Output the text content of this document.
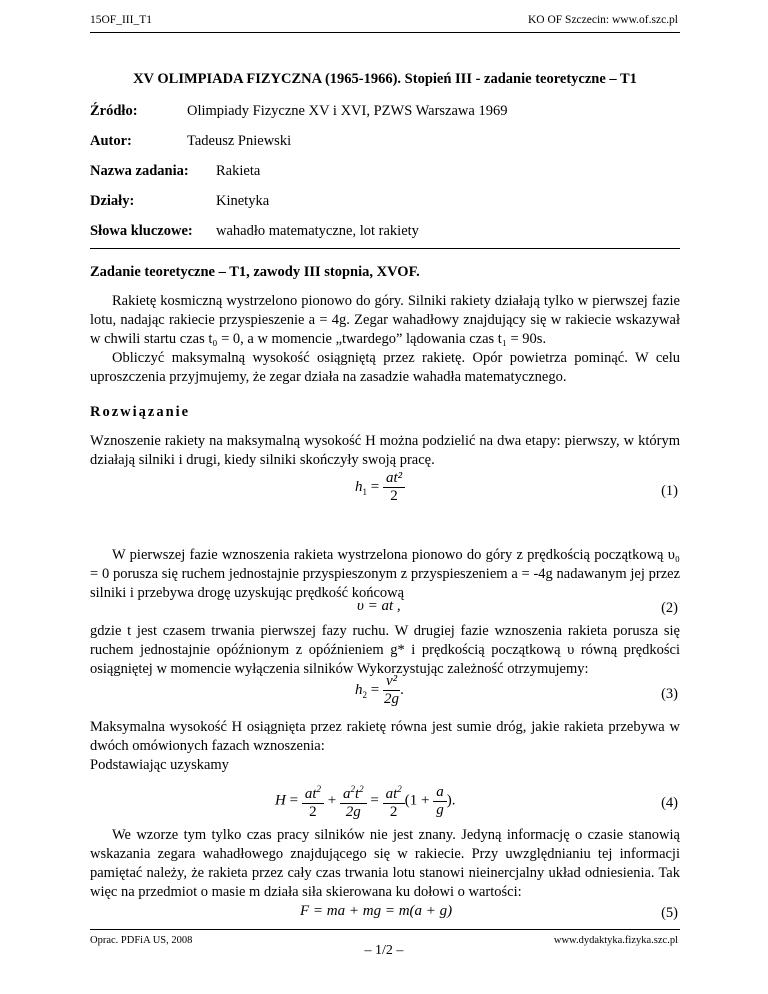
15OF_III_T1	KO OF Szczecin: www.of.szc.pl
XV OLIMPIADA FIZYCZNA (1965-1966). Stopień III - zadanie teoretyczne – T1
Źródło:	Olimpiady Fizyczne XV i XVI, PZWS Warszawa 1969
Autor:	Tadeusz Pniewski
Nazwa zadania: Rakieta
Działy:	Kinetyka
Słowa kluczowe: wahadło matematyczne, lot rakiety
Zadanie teoretyczne – T1, zawody III stopnia, XVOF.

Rakietę kosmiczną wystrzelono pionowo do góry. Silniki rakiety działają tylko w pierwszej fazie lotu, nadając rakiecie przyspieszenie a = 4g. Zegar wahadłowy znajdujący się w rakiecie wskazywał w chwili startu czas t₀ = 0, a w momencie „twardego” lądowania czas t₁ = 90s.

Obliczyć maksymalną wysokość osiągniętą przez rakietę. Opór powietrza pominąć. W celu uproszczenia przyjmujemy, że zegar działa na zasadzie wahadła matematycznego.

Rozwiązanie

Wznoszenie rakiety na maksymalną wysokość H można podzielić na dwa etapy: pierwszy, w którym działają silniki i drugi, kiedy silniki skończyły swoją pracę.

$h_1 = \frac{\text{at²}}{2}$	(1)

W pierwszej fazie wznoszenia rakieta wystrzelona pionowo do góry z prędkością początkową υ₀ = 0 porusza się ruchem jednostajnie przyspieszonym z przyspieszeniem a = -4g nadawanym jej przez silniki i przebywa drogę uzyskując prędkość końcową

υ = at ,	(2)

gdzie t jest czasem trwania pierwszej fazy ruchu. W drugiej fazie wznoszenia rakieta porusza się ruchem jednostajnie opóźnionym z opóźnieniem g* i prędkością początkową υ równą prędkości osiągniętej w momencie wyłączenia silników Wykorzystując zależność otrzymujemy:

$h_2 = \frac{\text{v²}}{2g}$ .	(3)

Maksymalna wysokość H osiągnięta przez rakietę równa jest sumie dróg, jakie rakieta przebywa w dwóch omówionych fazach wznoszenia:

Podstawiając uzyskamy

$H = \frac{at^2}{2} + \frac{a^2t^2}{2g} = \frac{at^2}{2} (1 + \frac{a}{g}$ ).	(4)

We wzorze tym tylko czas pracy silników nie jest znany. Jedyną informację o czasie stanowią wskazania zegara wahadłowego znajdującego się w rakiecie. Przy uwzględnianiu tej informacji pamiętać należy, że rakieta przez cały czas trwania lotu stanowi nieinercjalny układ odniesienia. Tak więc na przedmiot o masie m działa siła skierowana ku dołowi o wartości:

F = ma + mg = m(a + g)	(5)
Oprac. PDFiA US, 2008
– 1/2 –
www.dydaktyka.fizyka.szc.pl
